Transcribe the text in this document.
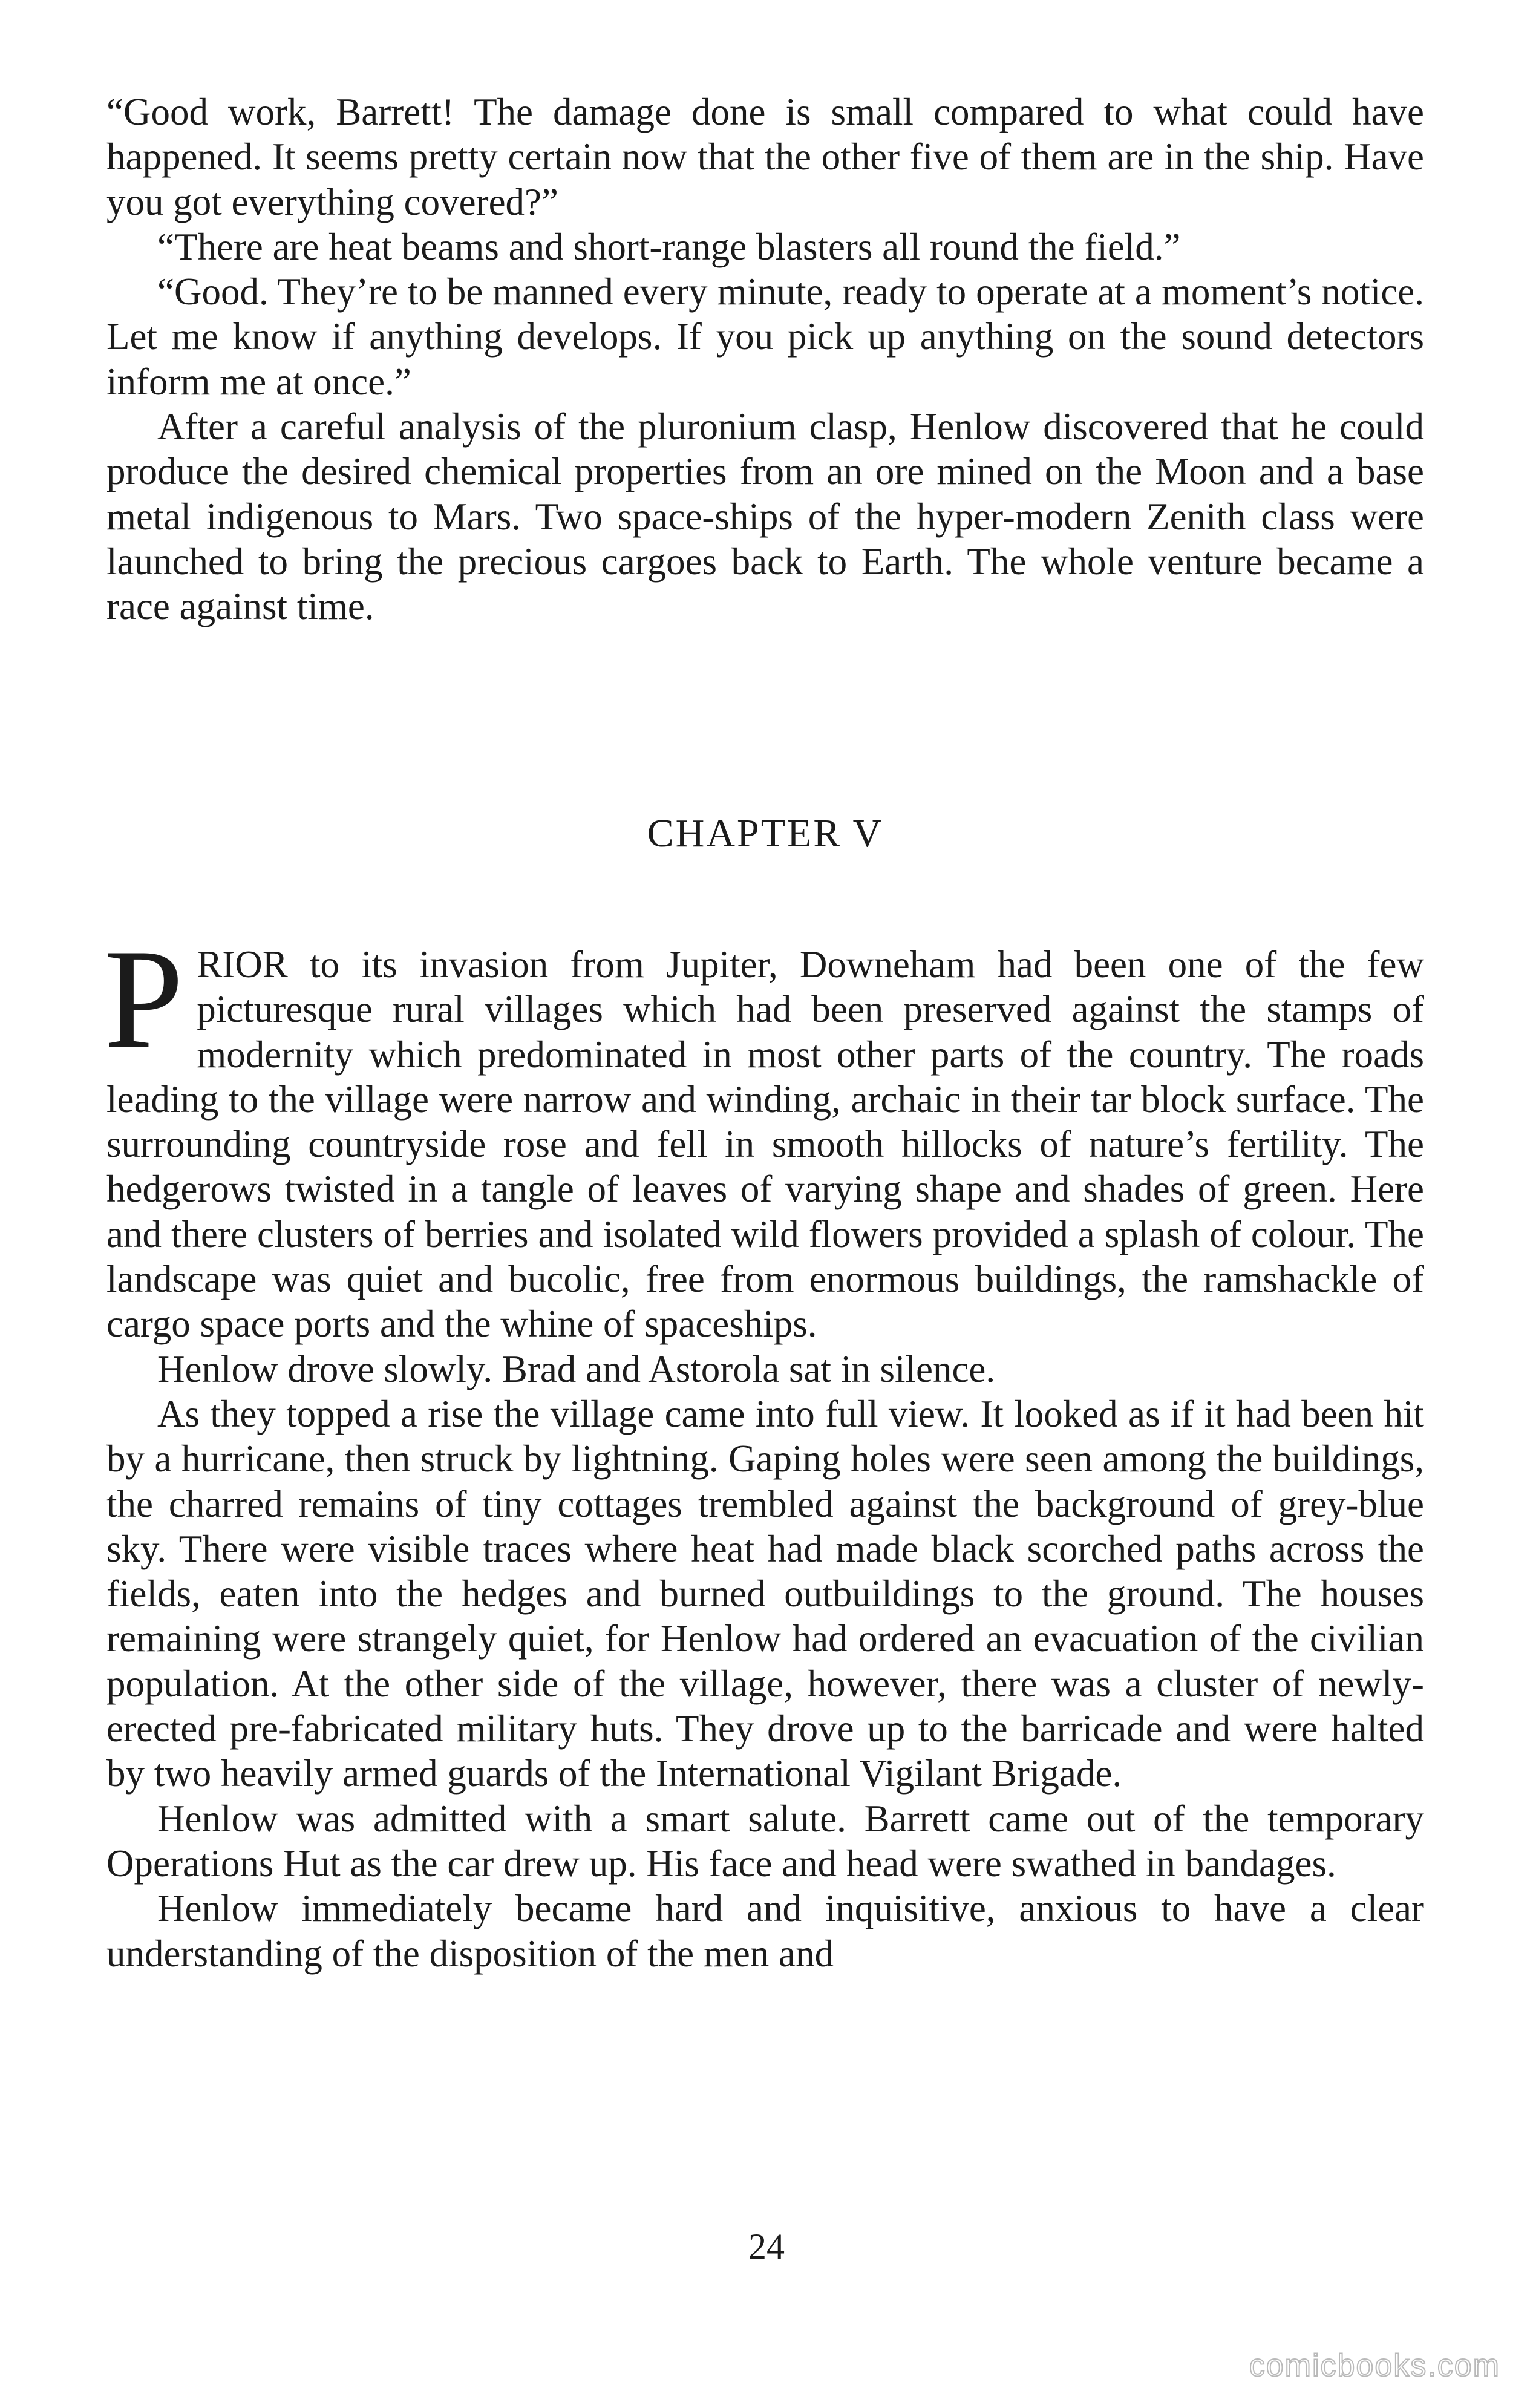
“Good work, Barrett! The damage done is small compared to what could have happened. It seems pretty certain now that the other five of them are in the ship. Have you got everything covered?”

“There are heat beams and short-range blasters all round the field.”

“Good. They’re to be manned every minute, ready to operate at a moment’s notice. Let me know if anything develops. If you pick up anything on the sound detectors inform me at once.”

After a careful analysis of the pluronium clasp, Henlow discovered that he could produce the desired chemical properties from an ore mined on the Moon and a base metal indigenous to Mars. Two space-ships of the hyper-modern Zenith class were launched to bring the precious cargoes back to Earth. The whole venture became a race against time.

CHAPTER V

PRIOR to its invasion from Jupiter, Downeham had been one of the few picturesque rural villages which had been preserved against the stamps of modernity which predominated in most other parts of the country. The roads leading to the village were narrow and winding, archaic in their tar block surface. The surrounding countryside rose and fell in smooth hillocks of nature’s fertility. The hedgerows twisted in a tangle of leaves of varying shape and shades of green. Here and there clusters of berries and isolated wild flowers provided a splash of colour. The landscape was quiet and bucolic, free from enormous buildings, the ramshackle of cargo space ports and the whine of spaceships.

Henlow drove slowly. Brad and Astorola sat in silence.

As they topped a rise the village came into full view. It looked as if it had been hit by a hurricane, then struck by lightning. Gaping holes were seen among the buildings, the charred remains of tiny cottages trembled against the background of grey-blue sky. There were visible traces where heat had made black scorched paths across the fields, eaten into the hedges and burned outbuildings to the ground. The houses remaining were strangely quiet, for Henlow had ordered an evacuation of the civilian population. At the other side of the village, however, there was a cluster of newly-erected pre-fabricated military huts. They drove up to the barricade and were halted by two heavily armed guards of the International Vigilant Brigade.

Henlow was admitted with a smart salute. Barrett came out of the temporary Operations Hut as the car drew up. His face and head were swathed in bandages.

Henlow immediately became hard and inquisitive, anxious to have a clear understanding of the disposition of the men and

24
comicbooks.com
